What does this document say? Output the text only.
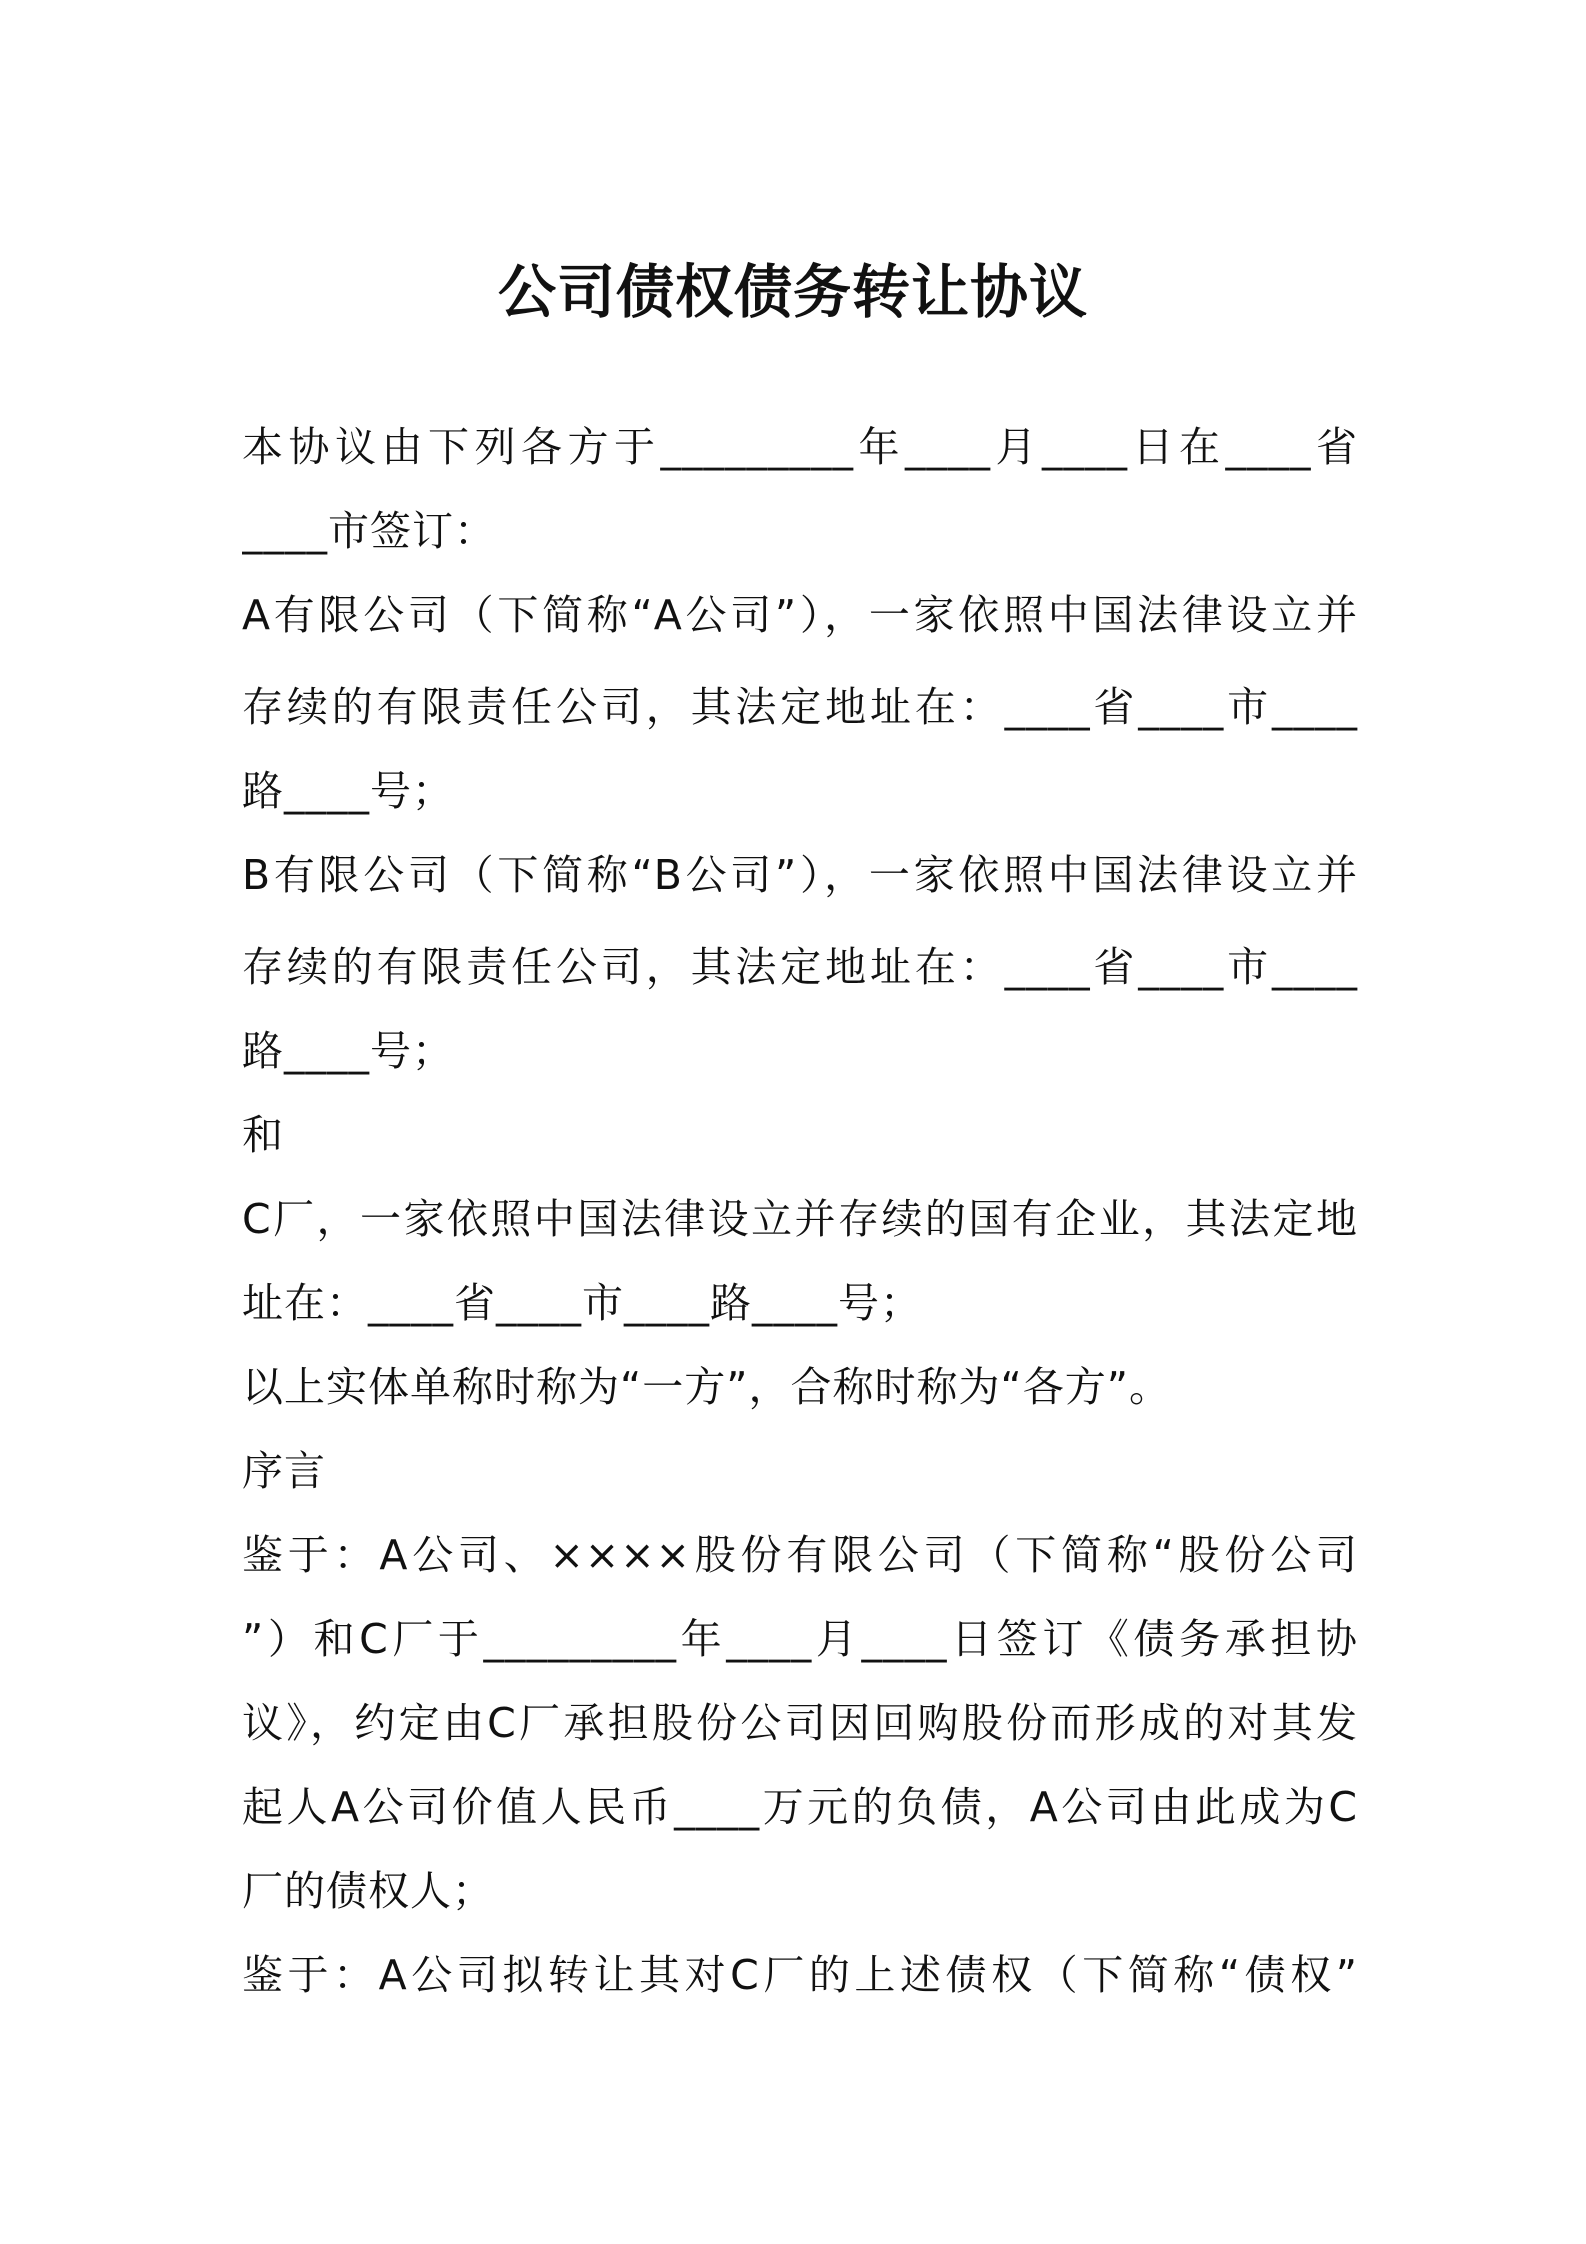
公司债权债务转让协议
本协议由下列各方于_________年____月____日在____省
____市签订：
A有限公司（下简称“A公司”），一家依照中国法律设立并
存续的有限责任公司，其法定地址在：____省____市____
路____号；
B有限公司（下简称“B公司”），一家依照中国法律设立并
存续的有限责任公司，其法定地址在：____省____市____
路____号；
和
C厂，一家依照中国法律设立并存续的国有企业，其法定地
址在：____省____市____路____号；
以上实体单称时称为“一方”，合称时称为“各方”。
序言
鉴于：A公司、××××股份有限公司（下简称“股份公司
”）和C厂于_________年____月____日签订《债务承担协
议》，约定由C厂承担股份公司因回购股份而形成的对其发
起人A公司价值人民币____万元的负债，A公司由此成为C
厂的债权人；
鉴于：A公司拟转让其对C厂的上述债权（下简称“债权”
